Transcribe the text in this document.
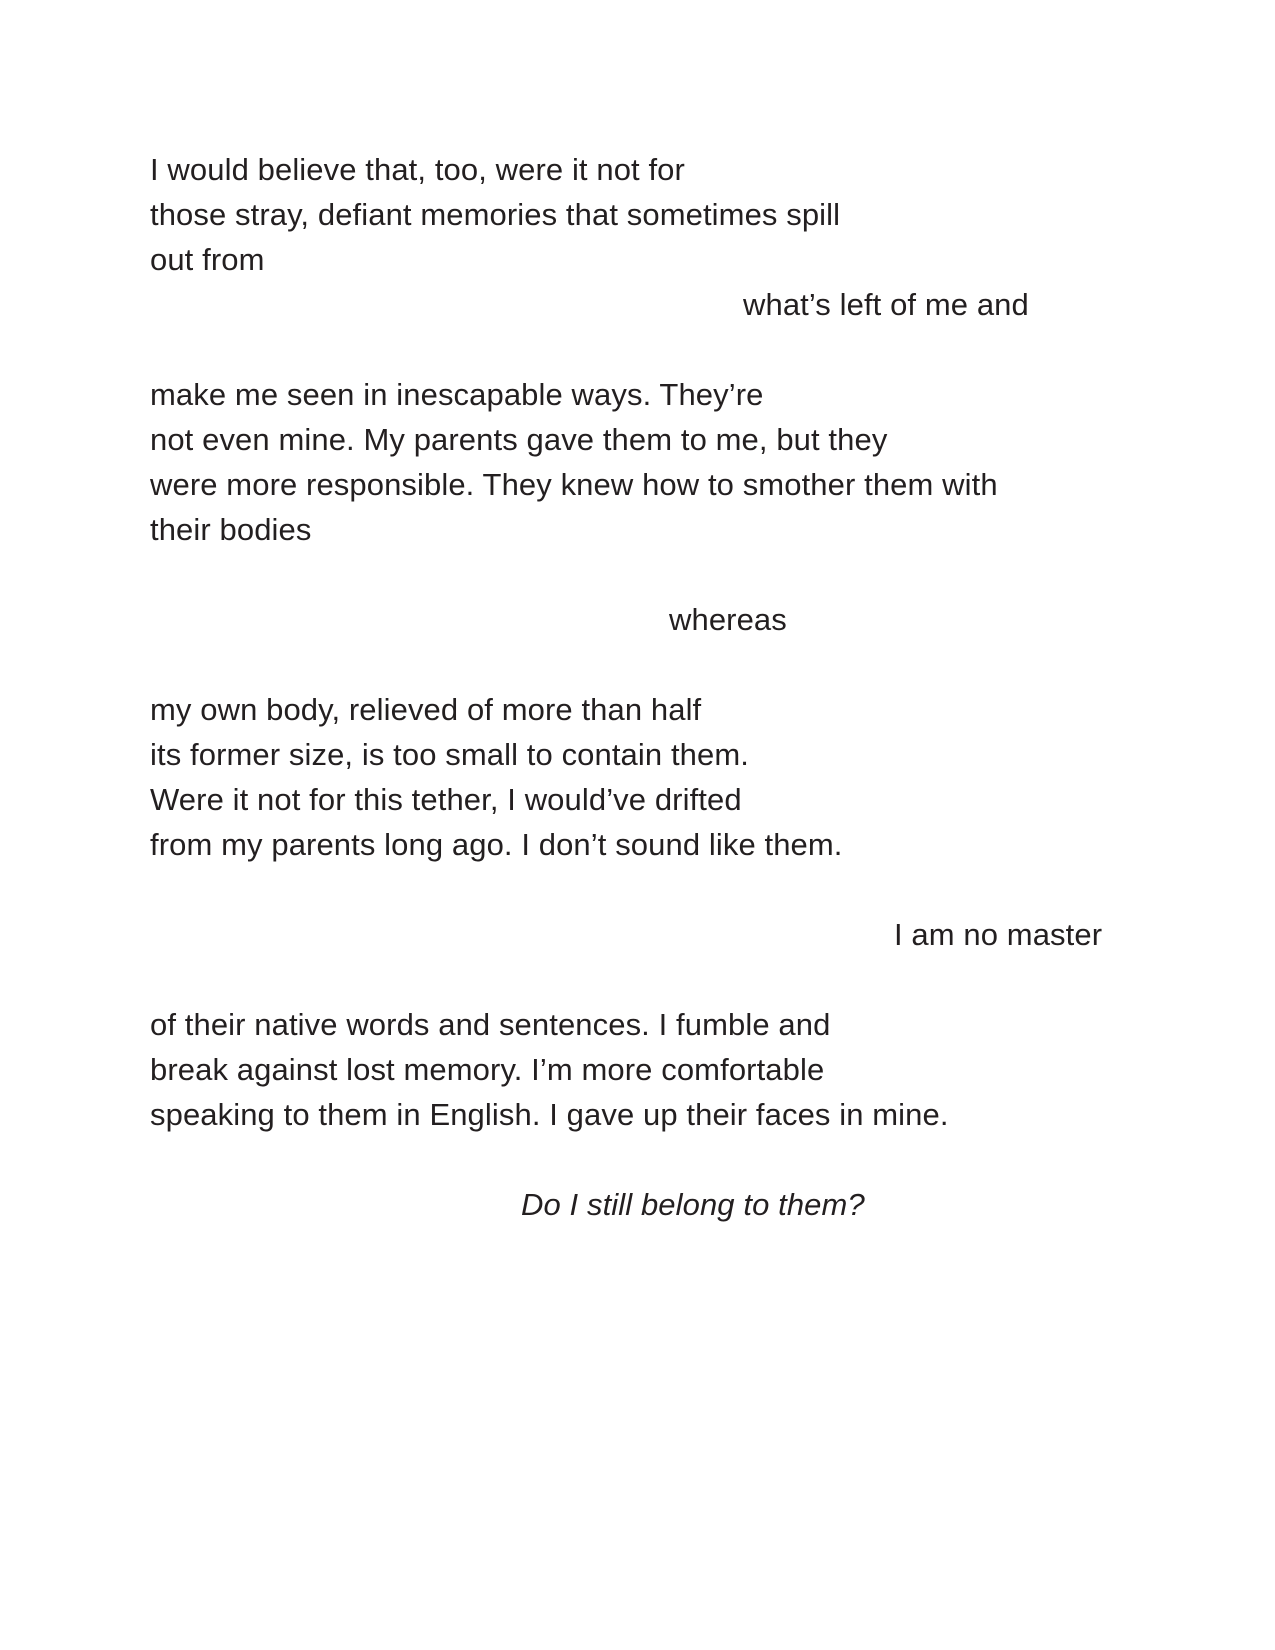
I would believe that, too, were it not for
those stray, defiant memories that sometimes spill
out from
what’s left of me and
make me seen in inescapable ways. They’re
not even mine. My parents gave them to me, but they
were more responsible. They knew how to smother them with
their bodies
whereas
my own body, relieved of more than half
its former size, is too small to contain them.
Were it not for this tether, I would’ve drifted
from my parents long ago. I don’t sound like them.
I am no master
of their native words and sentences. I fumble and
break against lost memory. I’m more comfortable
speaking to them in English. I gave up their faces in mine.
Do I still belong to them?
